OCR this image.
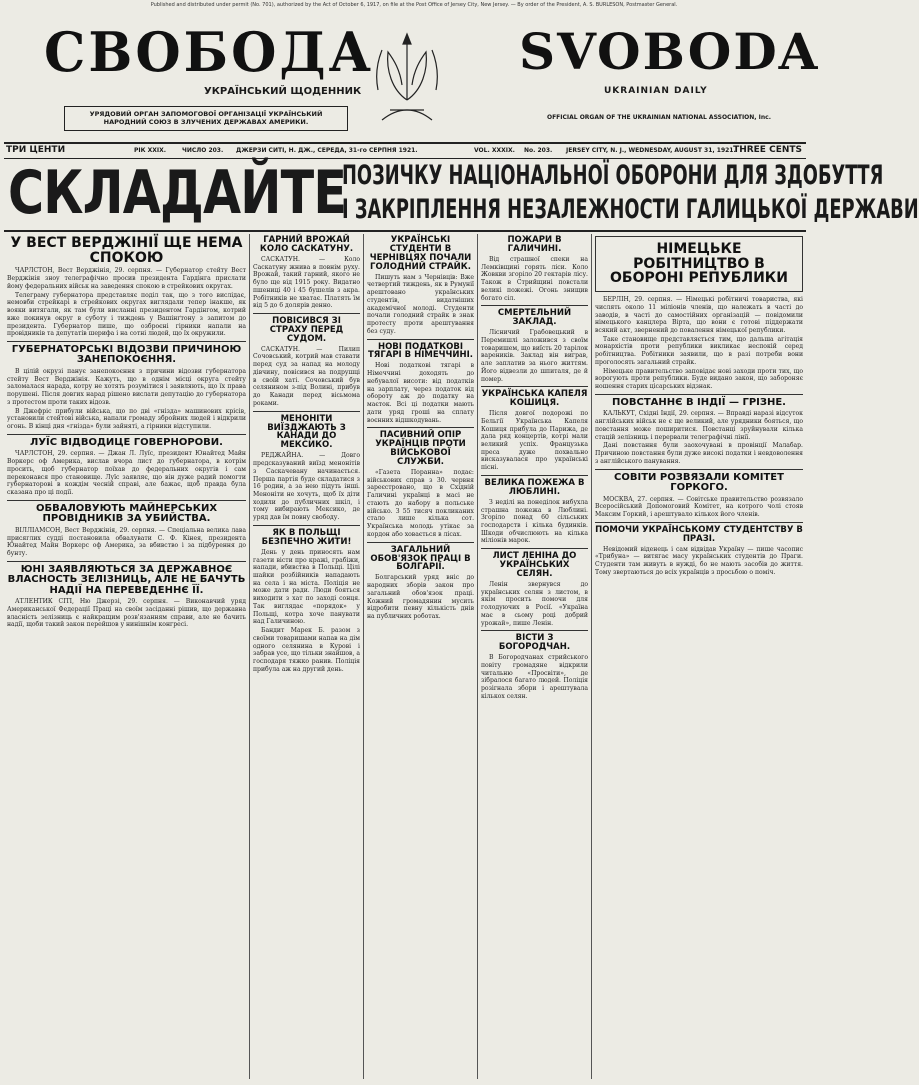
Published and distributed under permit (No. 701), authorized by the Act of October 6, 1917, on file at the Post Office of Jersey City, New Jersey. — By order of the President, A. S. BURLESON, Postmaster General.
СВОБОДА	SVOBODA
УКРАЇНСЬКИЙ ЩОДЕННИК	UKRAINIAN DAILY
УРЯДОВИЙ ОРГАН ЗАПОМОГОВОЇ ОРГАНІЗАЦІЇ УКРАЇНСЬКИЙ НАРОДНИЙ СОЮЗ В ЗЛУЧЕНИХ ДЕРЖАВАХ АМЕРИКИ.
OFFICIAL ORGAN OF THE UKRAINIAN NATIONAL ASSOCIATION, Inc.
ТРИ ЦЕНТИ	РІК XXIX.	ЧИСЛО 203. ДЖЕРЗИ СИТІ, Н. ДЖ., СЕРЕДА, 31-го СЕРПНЯ 1921.	VOL. XXXIX. No. 203. JERSEY CITY, N. J., WEDNESDAY, AUGUST 31, 1921.
THREE CENTS
СКЛАДАЙТЕ
ПОЗИЧКУ НАЦІОНАЛЬНОЇ ОБОРОНИ ДЛЯ ЗДОБУТТЯ
І ЗАКРІПЛЕННЯ НЕЗАЛЕЖНОСТИ ГАЛИЦЬКОЇ ДЕРЖАВИ
У ВЕСТ ВЕРДЖІНІЇ ЩЕ НЕМА СПОКОЮ

ЧАРЛСТОН, Вест Верджінія, 29. серпня. — Губернатор стейту Вест Верджінія зноу телеграфічно просив президента Гардінга прислати йому федеральних військ на заведення спокою в стрейкових округах.

Телеграму губернатора представляє поділ так, що з того вислідає, немовби стрейкарі в стрейкових округах виглядали тепер інакше, як вояки витягали, як там були висланні президентом Гардінгом, котрий вже покинув округ в суботу і тиждень у Вашінґтону з запитом до президента. Губернатор пише, що озброєні гірники напали на провідників та депутатів шерифа і на сотні людей, що їх окружили.

ГУБЕРНАТОРСЬКІ ВІДОЗВИ ПРИЧИНОЮ ЗАНЕПОКОЄННЯ.

В цілій окрузі панує занепокоєння з причини відозви губернатора стейту Вест Верджінія. Кажуть, що в однім місці округа стейту заломалася нарада, котру не хотять розумітися і заявляють, що їх права порушені. Після довгих нарад рішено вислати депутацію до губернатора з протестом проти таких відозв.

В Джефріс прибули війська, що по дві «гнізда» машинових крісів, установили стейтові війська, напали громаду збройних людей і відкрили огонь. В кінці дня «гнізда» були зайняті, а гірники відступили.

ЛУЇС ВІДВОДИЦЕ ГОВЕРНОРОВИ.

ЧАРЛСТОН, 29. серпня. — Джан Л. Луїс, президент Юнайтед Майн Воркерс оф Америка, вислав вчора лист до губернатора, в котрім просить, щоб губернатор поїхав до федеральних округів і сам переконався про становище. Луїс заявляє, що він дуже радий помогти губернаторові в кождім чесній справі, але бажає, щоб правда була сказана про ці події.

ОБВАЛОВУЮТЬ МАЙНЕРСЬКИХ ПРОВІДНИКІВ ЗА УБИЙСТВА.

ВІЛЛІАМСОН, Вест Верджінія, 29. серпня. — Спеціальна велика лава присяглих судді постановила обвалувати С. Ф. Кінея, президента Юнайтед Майн Воркерс оф Америка, за вбивство і за підбурення до бунту.

ЮНІ ЗАЯВЛЯЮТЬСЯ ЗА ДЕРЖАВНОЄ ВЛАСНОСТЬ ЗЕЛІЗНИЦЬ, АЛЕ НЕ БАЧУТЬ НАДІЇ НА ПЕРЕВЕДЕННЄ ЇЇ.

АТЛЕНТИК СІТІ, Ню Джерзі, 29. серпня. — Виконавчий уряд Американської Федерації Праці на своїм засіданні рішив, що державна власність зелізниць є найкращим розв'язанням справи, але не бачить надії, щоби такий закон перейшов у нинішнім конгресі.

ГАРНИЙ ВРОЖАЙ КОЛО САСКАТУНУ.

САСКАТУН. — Коло Саскатуну жнива в повнім руху. Врожай, такий гарний, якого не було ще від 1915 року. Видатно пшениці 40 і 45 бушелів з акра. Робітників не хватає. Платять їм від 5 до 6 долярів денно.

ПОВІСИВСЯ ЗІ СТРАХУ ПЕРЕД СУДОМ.

САСКАТУН. — Пилип Сочовський, котрий мав ставати перед суд за напад на молоду дівчину, повісився на подрушці в своїй хаті. Сочовський був селянином з-під Волині, прибув до Канади перед вісьмома роками.

МЕНОНІТИ ВИЇЗДЖАЮТЬ З КАНАДИ ДО МЕКСИКО.

РЕДЖАЙНА. — Довго предсказуваний виїзд менонітів з Саскачевану начинається. Перша партія буде складатися з 16 родин, а за нею підуть інші. Меноніти не хочуть, щоб їх діти ходили до публичних шкіл, і тому вибирають Мексико, де уряд дав їм повну свободу.

ЯК В ПОЛЬЩІ БЕЗПЕЧНО ЖИТИ!

День у день приносять нам газети вісти про кражі, грабіжи, напади, вбивства в Польщі. Цілі шайки розбійників нападають на села і на міста. Поліція не може дати ради. Люди бояться виходити з хат по заході сонця. Так виглядає «порядок» у Польщі, котра хоче панувати над Галичиною.

Бандит Марек Б. разом з своїми товаришами напав на дім одного селянина в Курові і забрав усе, що тільки знайшов, а господаря тяжко ранив. Поліція прибула аж на другий день.

УКРАЇНСЬКІ СТУДЕНТИ В ЧЕРНІВЦЯХ ПОЧАЛИ ГОЛОДНИЙ СТРАЙК.

Пишуть нам з Чернівців: Вже четвертий тиждень, як в Румунії арештовано українських студентів, видатніших академічної молоді. Студенти почали голодний страйк в знак протесту проти арештування без суду.

НОВІ ПОДАТКОВІ ТЯГАРІ В НІМЕЧЧИНІ.

Нові податкові тягарі в Німеччині доходять до небувалої висоти: від податків на зарплату, через податок від обороту аж до податку на маєток. Всі ці податки мають дати уряд гроші на сплату воєнних відшкодувань.

ПАСИВНИЙ ОПІР УКРАЇНЦІВ ПРОТИ ВІЙСЬКОВОЇ СЛУЖБИ.

«Газета Поранна» подає: військових справ з 30. червня зареєстровано, що в Східній Галичині українці в масі не стають до набору в польське військо. З 55 тисяч покликаних стало лише кілька сот. Українська молодь утікає за кордон або ховається в лісах.

ЗАГАЛЬНИЙ ОБОВ'ЯЗОК ПРАЦІ В БОЛГАРІЇ.

Болгарський уряд вніс до народних зборів закон про загальний обов'язок праці. Кожний громадянин мусить відробити певну кількість днів на публичних роботах.

ПОЖАРИ В ГАЛИЧИНІ.

Від страшної спеки на Лемківщині горять ліси. Коло Жовкви згоріло 20 гектарів лісу. Також в Стрийщині повстали великі пожежі. Огонь знищив богато сіл.

СМЕРТЕЛЬНИЙ ЗАКЛАД.

Лісничий Грабовецький в Перемишлі заложився з своїм товаришем, що виїсть 20 тарілок вареників. Заклад він виграв, але заплатив за нього життям. Його відвезли до шпиталя, де й помер.

УКРАЇНСЬКА КАПЕЛЯ КОШИЦЯ.

Після довгої подорожі по Бельгії Українська Капеля Кошиця прибула до Парижа, де дала ряд концертів, котрі мали великий успіх. Французька преса дуже похвально висказувалася про українські пісні.

ВЕЛИКА ПОЖЕЖА В ЛЮБЛИНІ.

З неділі на понеділок вибухла страшна пожежа в Люблині. Згоріло понад 60 сільських господарств і кілька будинків. Шкоди обчислюють на кілька міліонів марок.

ЛИСТ ЛЕНІНА ДО УКРАЇНСЬКИХ СЕЛЯН.

Ленін звернувся до українських селян з листом, в якім просить помочи для голодуючих в Росії. «Україна має в сьому році добрий урожай», пише Ленін.

ВІСТИ З БОГОРОДЧАН.

В Богородчанах стрийського повіту громадяне відкрили читальню «Просвіти», де зібралося багато людей. Поліція розігнала збори і арештувала кількох селян.

НІМЕЦЬКЕ РОБІТНИЦТВО В ОБОРОНІ РЕПУБЛИКИ

БЕРЛІН, 29. серпня. — Німецькі робітничі товариства, які числять около 11 міліонів членів, що належать в часті до заводів, в часті до самостійних організацій — повідомили німецького канцлера Вірта, що вони є готові піддержати всякий акт, звернений до повалення німецької републики.

Таке становище представляється тим, що дальша агітація монархістів проти републики викликає неспокій серед робітництва. Робітники заявили, що в разі потреби вони проголосять загальний страйк.

Німецьке правительство заповідає нові заходи проти тих, що ворогують проти републики. Буде видано закон, що забороняє ношення старих цісарських відзнак.

ПОВСТАННЄ В ІНДІЇ — ГРІЗНЕ.

КАЛЬКУТ, Східні Індії, 29. серпня. — Вправді наразі відсуток англійських військ не є ще великий, але урядники бояться, що повстання може поширитися. Повстанці зруйнували кілька стацій зелізниць і перервали телеграфічні лінії.

Дані повстання були заохочувані в провінції Малабар. Причиною повстання були дуже високі податки і невдоволення з англійського панування.

СОВІТИ РОЗВЯЗАЛИ КОМІТЕТ ГОРКОГО.

МОСКВА, 27. серпня. — Совітське правительство розвязало Всеросійський Допомоговий Комітет, на котрого чолі стояв Максим Горкий, і арештувало кількох його членів.

ПОМОЧИ УКРАЇНСЬКОМУ СТУДЕНТСТВУ В ПРАЗІ.

Невідомий віденець і сам відвідав Україну — пише часопис «Трибуна» — витягає масу українських студентів до Праги. Студенти там живуть в нужді, бо не мають засобів до життя. Тому звертаються до всіх українців з просьбою о поміч.
